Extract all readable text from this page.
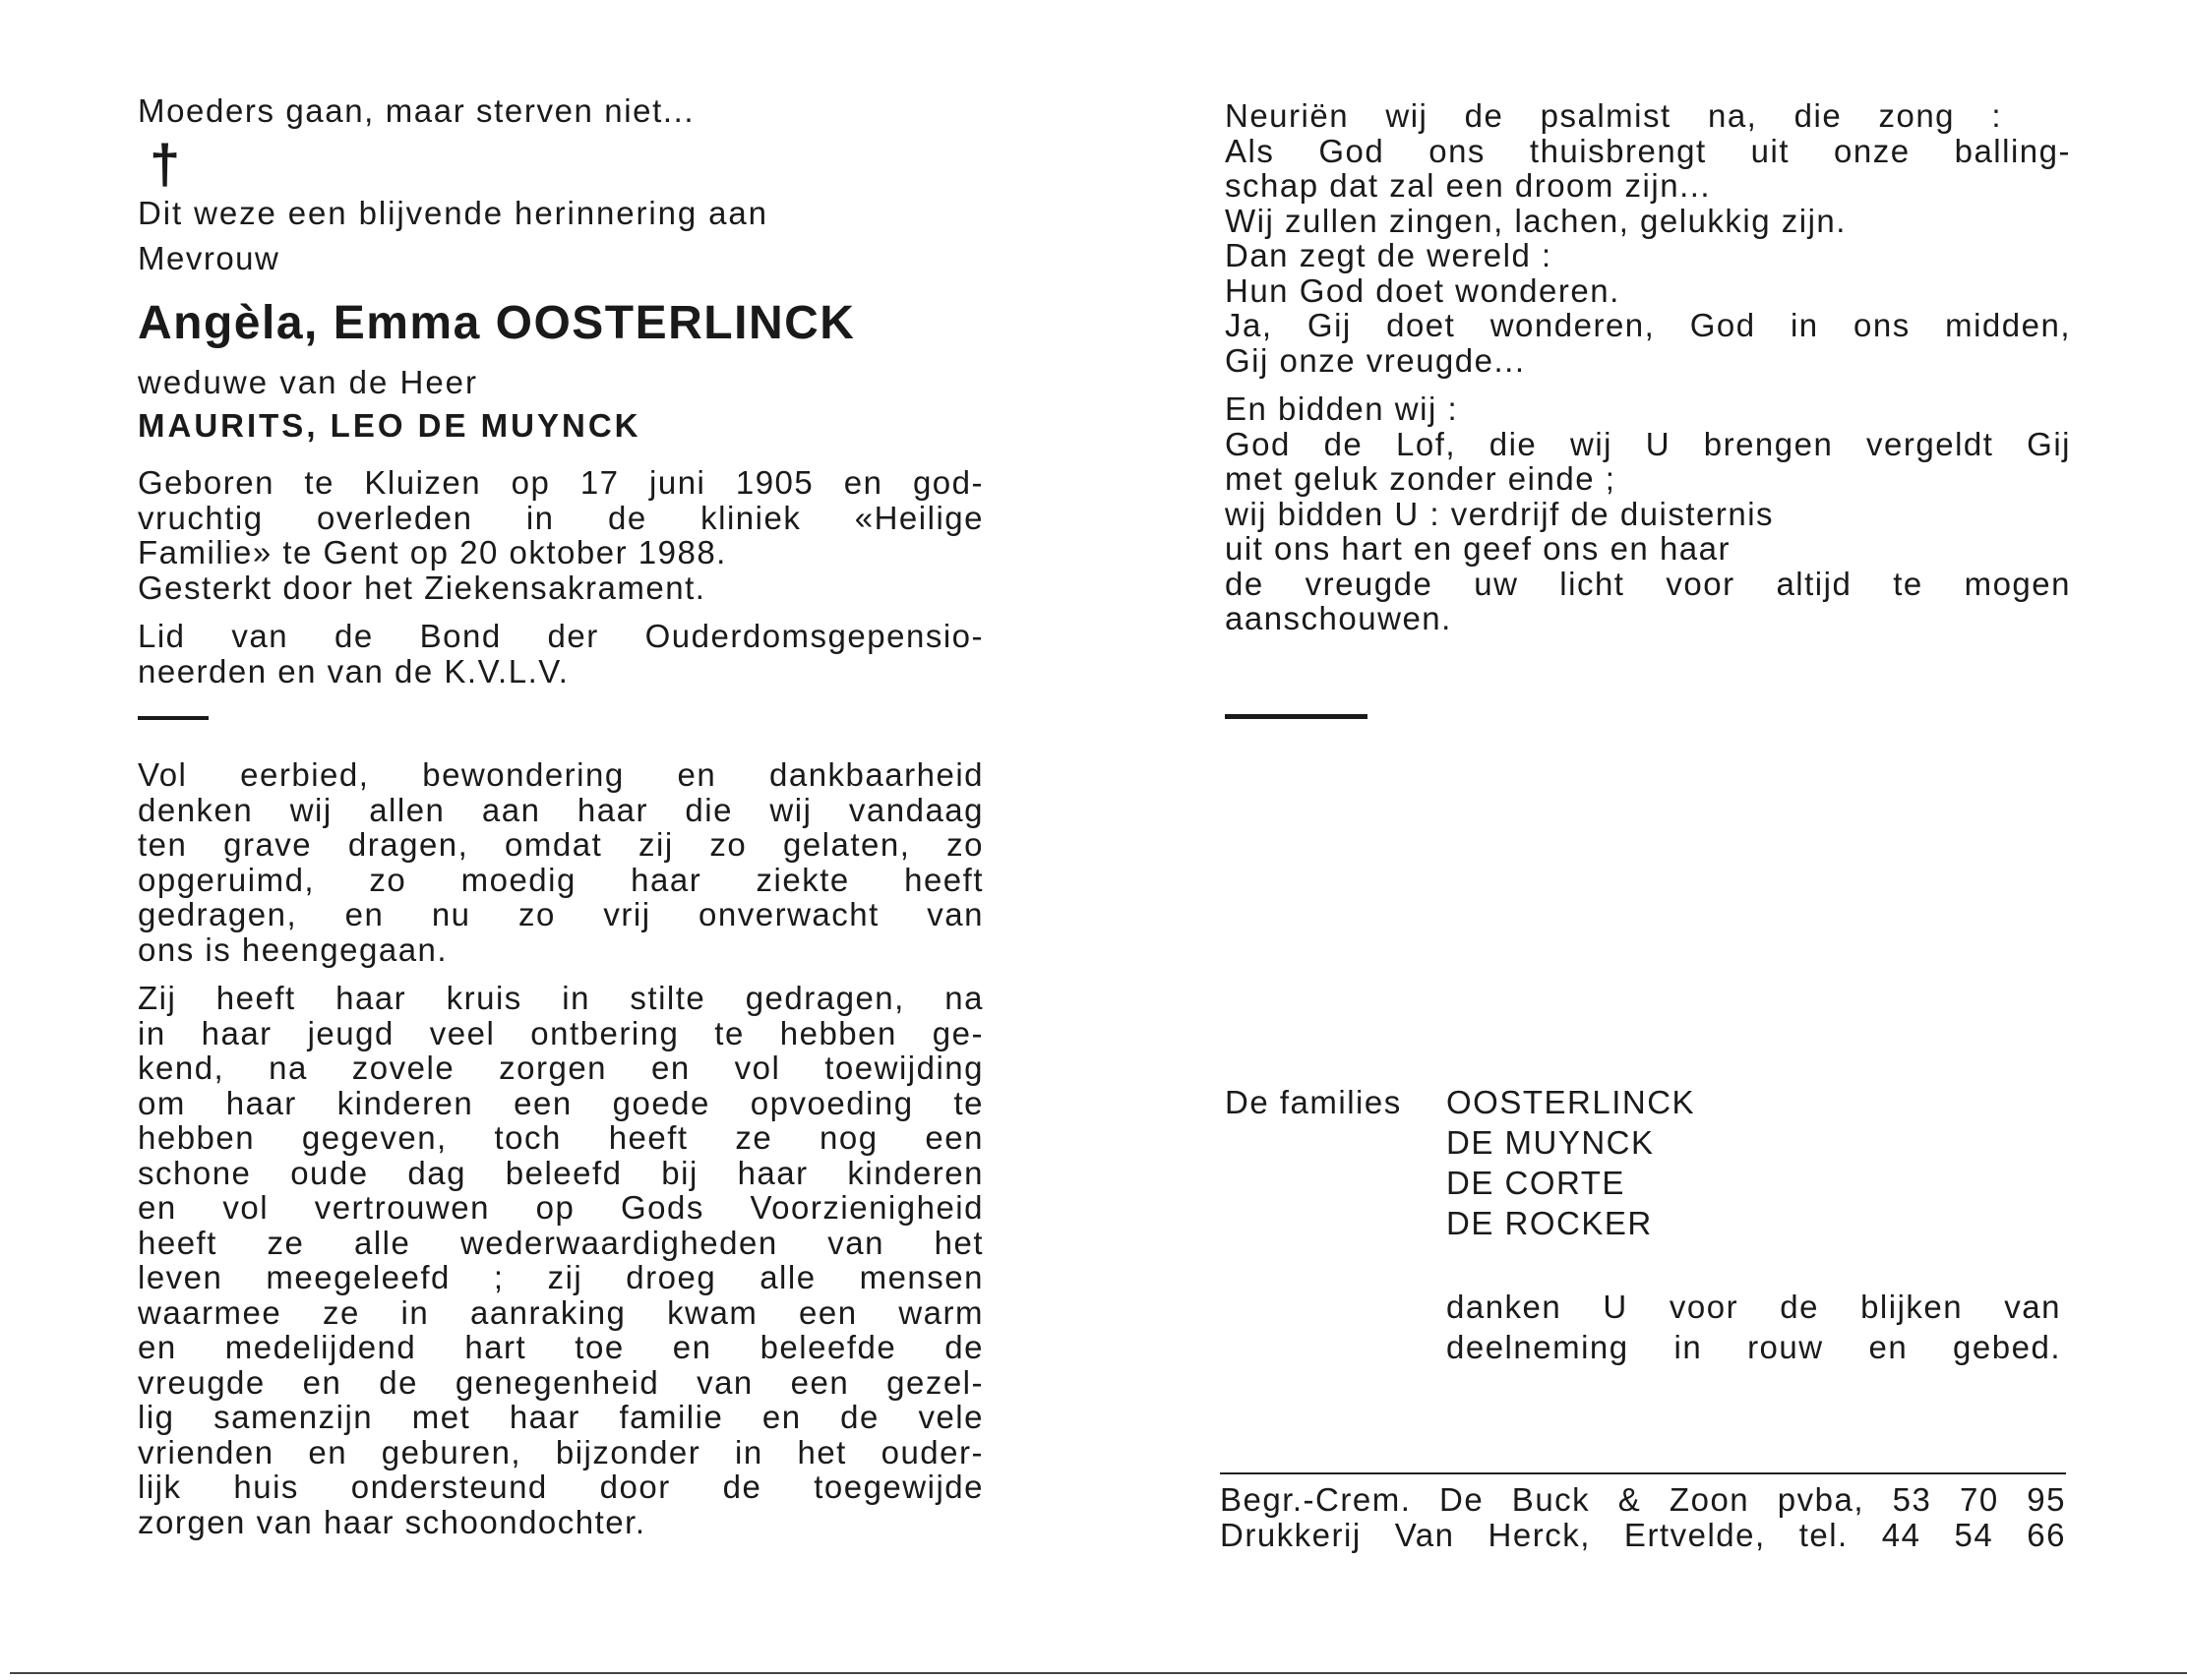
Moeders gaan, maar sterven niet...
†
Dit weze een blijvende herinnering aan
Mevrouw
Angèla, Emma OOSTERLINCK
weduwe van de Heer
MAURITS, LEO DE MUYNCK
Geboren te Kluizen op 17 juni 1905 en god-
vruchtig overleden in de kliniek «Heilige
Familie» te Gent op 20 oktober 1988.
Gesterkt door het Ziekensakrament.
Lid van de Bond der Ouderdomsgepensio-
neerden en van de K.V.L.V.
Vol eerbied, bewondering en dankbaarheid
denken wij allen aan haar die wij vandaag
ten grave dragen, omdat zij zo gelaten, zo
opgeruimd, zo moedig haar ziekte heeft
gedragen, en nu zo vrij onverwacht van
ons is heengegaan.
Zij heeft haar kruis in stilte gedragen, na
in haar jeugd veel ontbering te hebben ge-
kend, na zovele zorgen en vol toewijding
om haar kinderen een goede opvoeding te
hebben gegeven, toch heeft ze nog een
schone oude dag beleefd bij haar kinderen
en vol vertrouwen op Gods Voorzienigheid
heeft ze alle wederwaardigheden van het
leven meegeleefd ; zij droeg alle mensen
waarmee ze in aanraking kwam een warm
en medelijdend hart toe en beleefde de
vreugde en de genegenheid van een gezel-
lig samenzijn met haar familie en de vele
vrienden en geburen, bijzonder in het ouder-
lijk huis ondersteund door de toegewijde
zorgen van haar schoondochter.
Neuriën wij de psalmist na, die zong :
Als God ons thuisbrengt uit onze balling-
schap dat zal een droom zijn...
Wij zullen zingen, lachen, gelukkig zijn.
Dan zegt de wereld :
Hun God doet wonderen.
Ja, Gij doet wonderen, God in ons midden,
Gij onze vreugde...
En bidden wij :
God de Lof, die wij U brengen vergeldt Gij
met geluk zonder einde ;
wij bidden U : verdrijf de duisternis
uit ons hart en geef ons en haar
de vreugde uw licht voor altijd te mogen
aanschouwen.
De families OOSTERLINCK
DE MUYNCK
DE CORTE
DE ROCKER
danken U voor de blijken van
deelneming in rouw en gebed.
Begr.-Crem. De Buck & Zoon pvba, 53 70 95
Drukkerij Van Herck, Ertvelde, tel. 44 54 66
